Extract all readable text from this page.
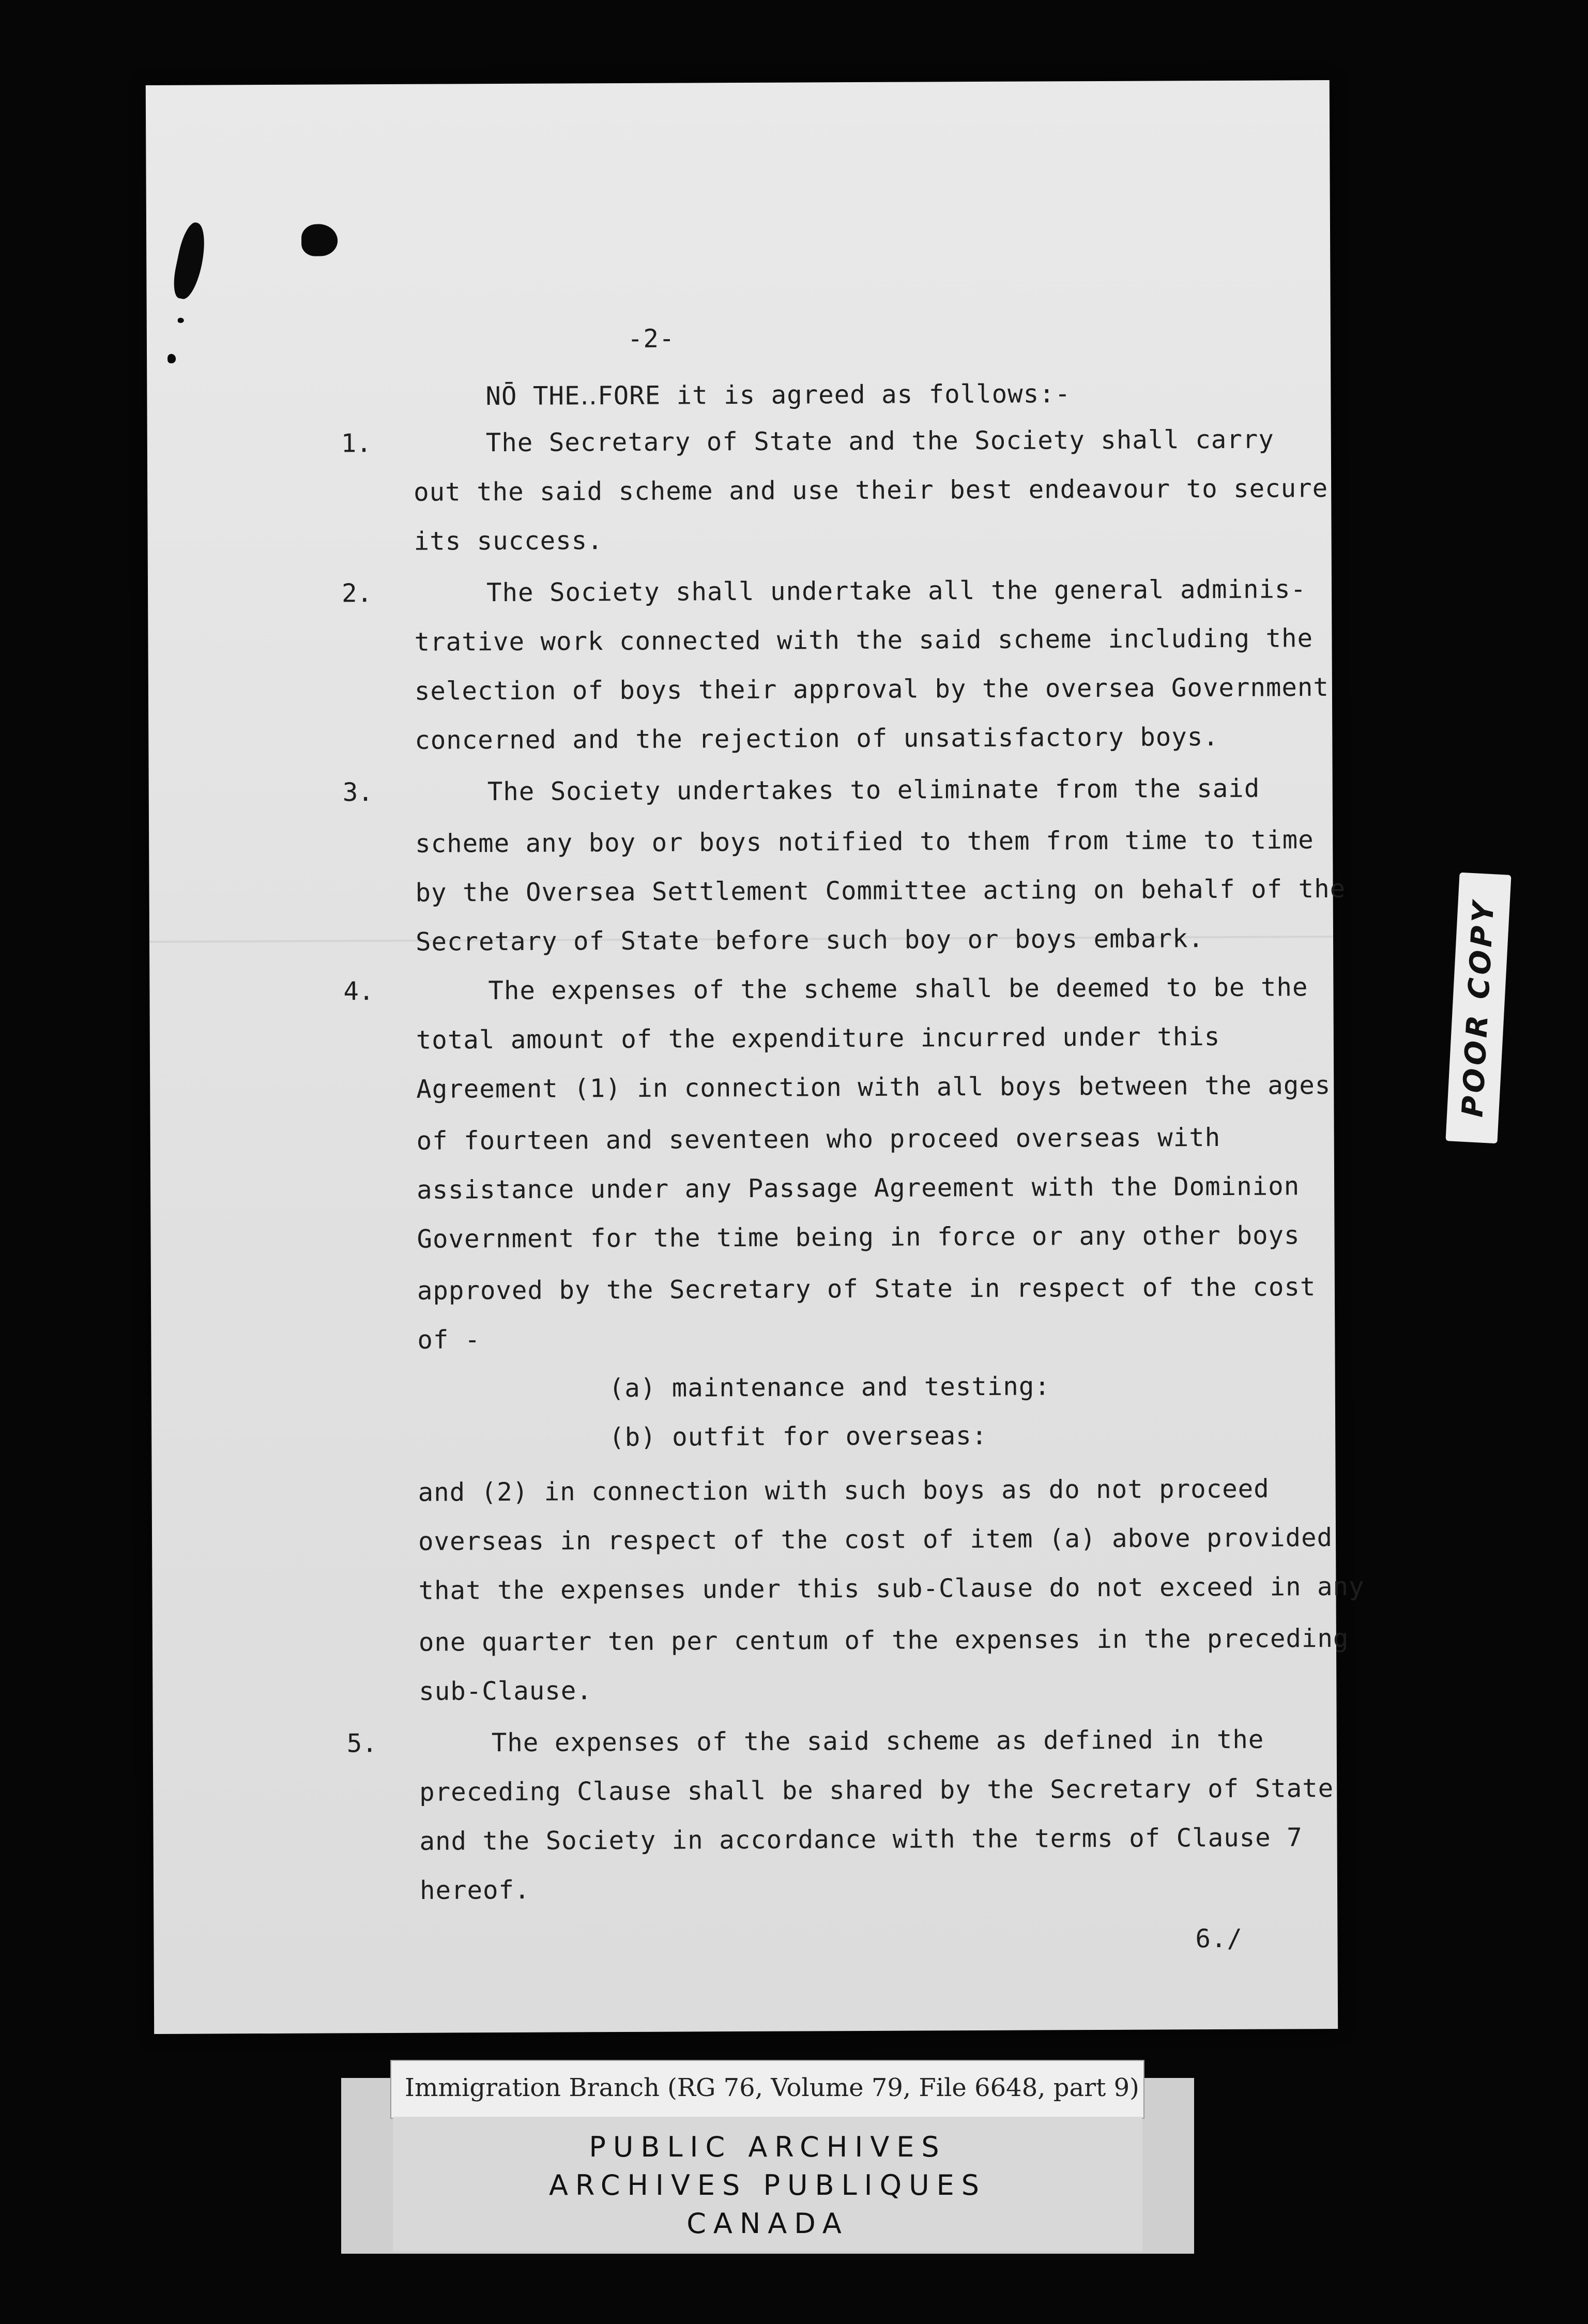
-2-
NŌ THE‥FORE it is agreed as follows:-
1.	The Secretary of State and the Society shall carry
out the said scheme and use their best endeavour to secure
its success.
2.	The Society shall undertake all the general adminis-
trative work connected with the said scheme including the
selection of boys their approval by the oversea Government
concerned and the rejection of unsatisfactory boys.
3.	The Society undertakes to eliminate from the said
scheme any boy or boys notified to them from time to time
by the Oversea Settlement Committee acting on behalf of the
Secretary of State before such boy or boys embark.
4.	The expenses of the scheme shall be deemed to be the
total amount of the expenditure incurred under this
Agreement (1) in connection with all boys between the ages
of fourteen and seventeen who proceed overseas with
assistance under any Passage Agreement with the Dominion
Government for the time being in force or any other boys
approved by the Secretary of State in respect of the cost
of -
(a) maintenance and testing:
(b) outfit for overseas:
and (2) in connection with such boys as do not proceed
overseas in respect of the cost of item (a) above provided
that the expenses under this sub-Clause do not exceed in any
one quarter ten per centum of the expenses in the preceding
sub-Clause.
5.	The expenses of the said scheme as defined in the
preceding Clause shall be shared by the Secretary of State
and the Society in accordance with the terms of Clause 7
hereof.
6./
POOR COPY
Immigration Branch (RG 76, Volume 79, File 6648, part 9)
PUBLIC ARCHIVES
ARCHIVES PUBLIQUES
CANADA
